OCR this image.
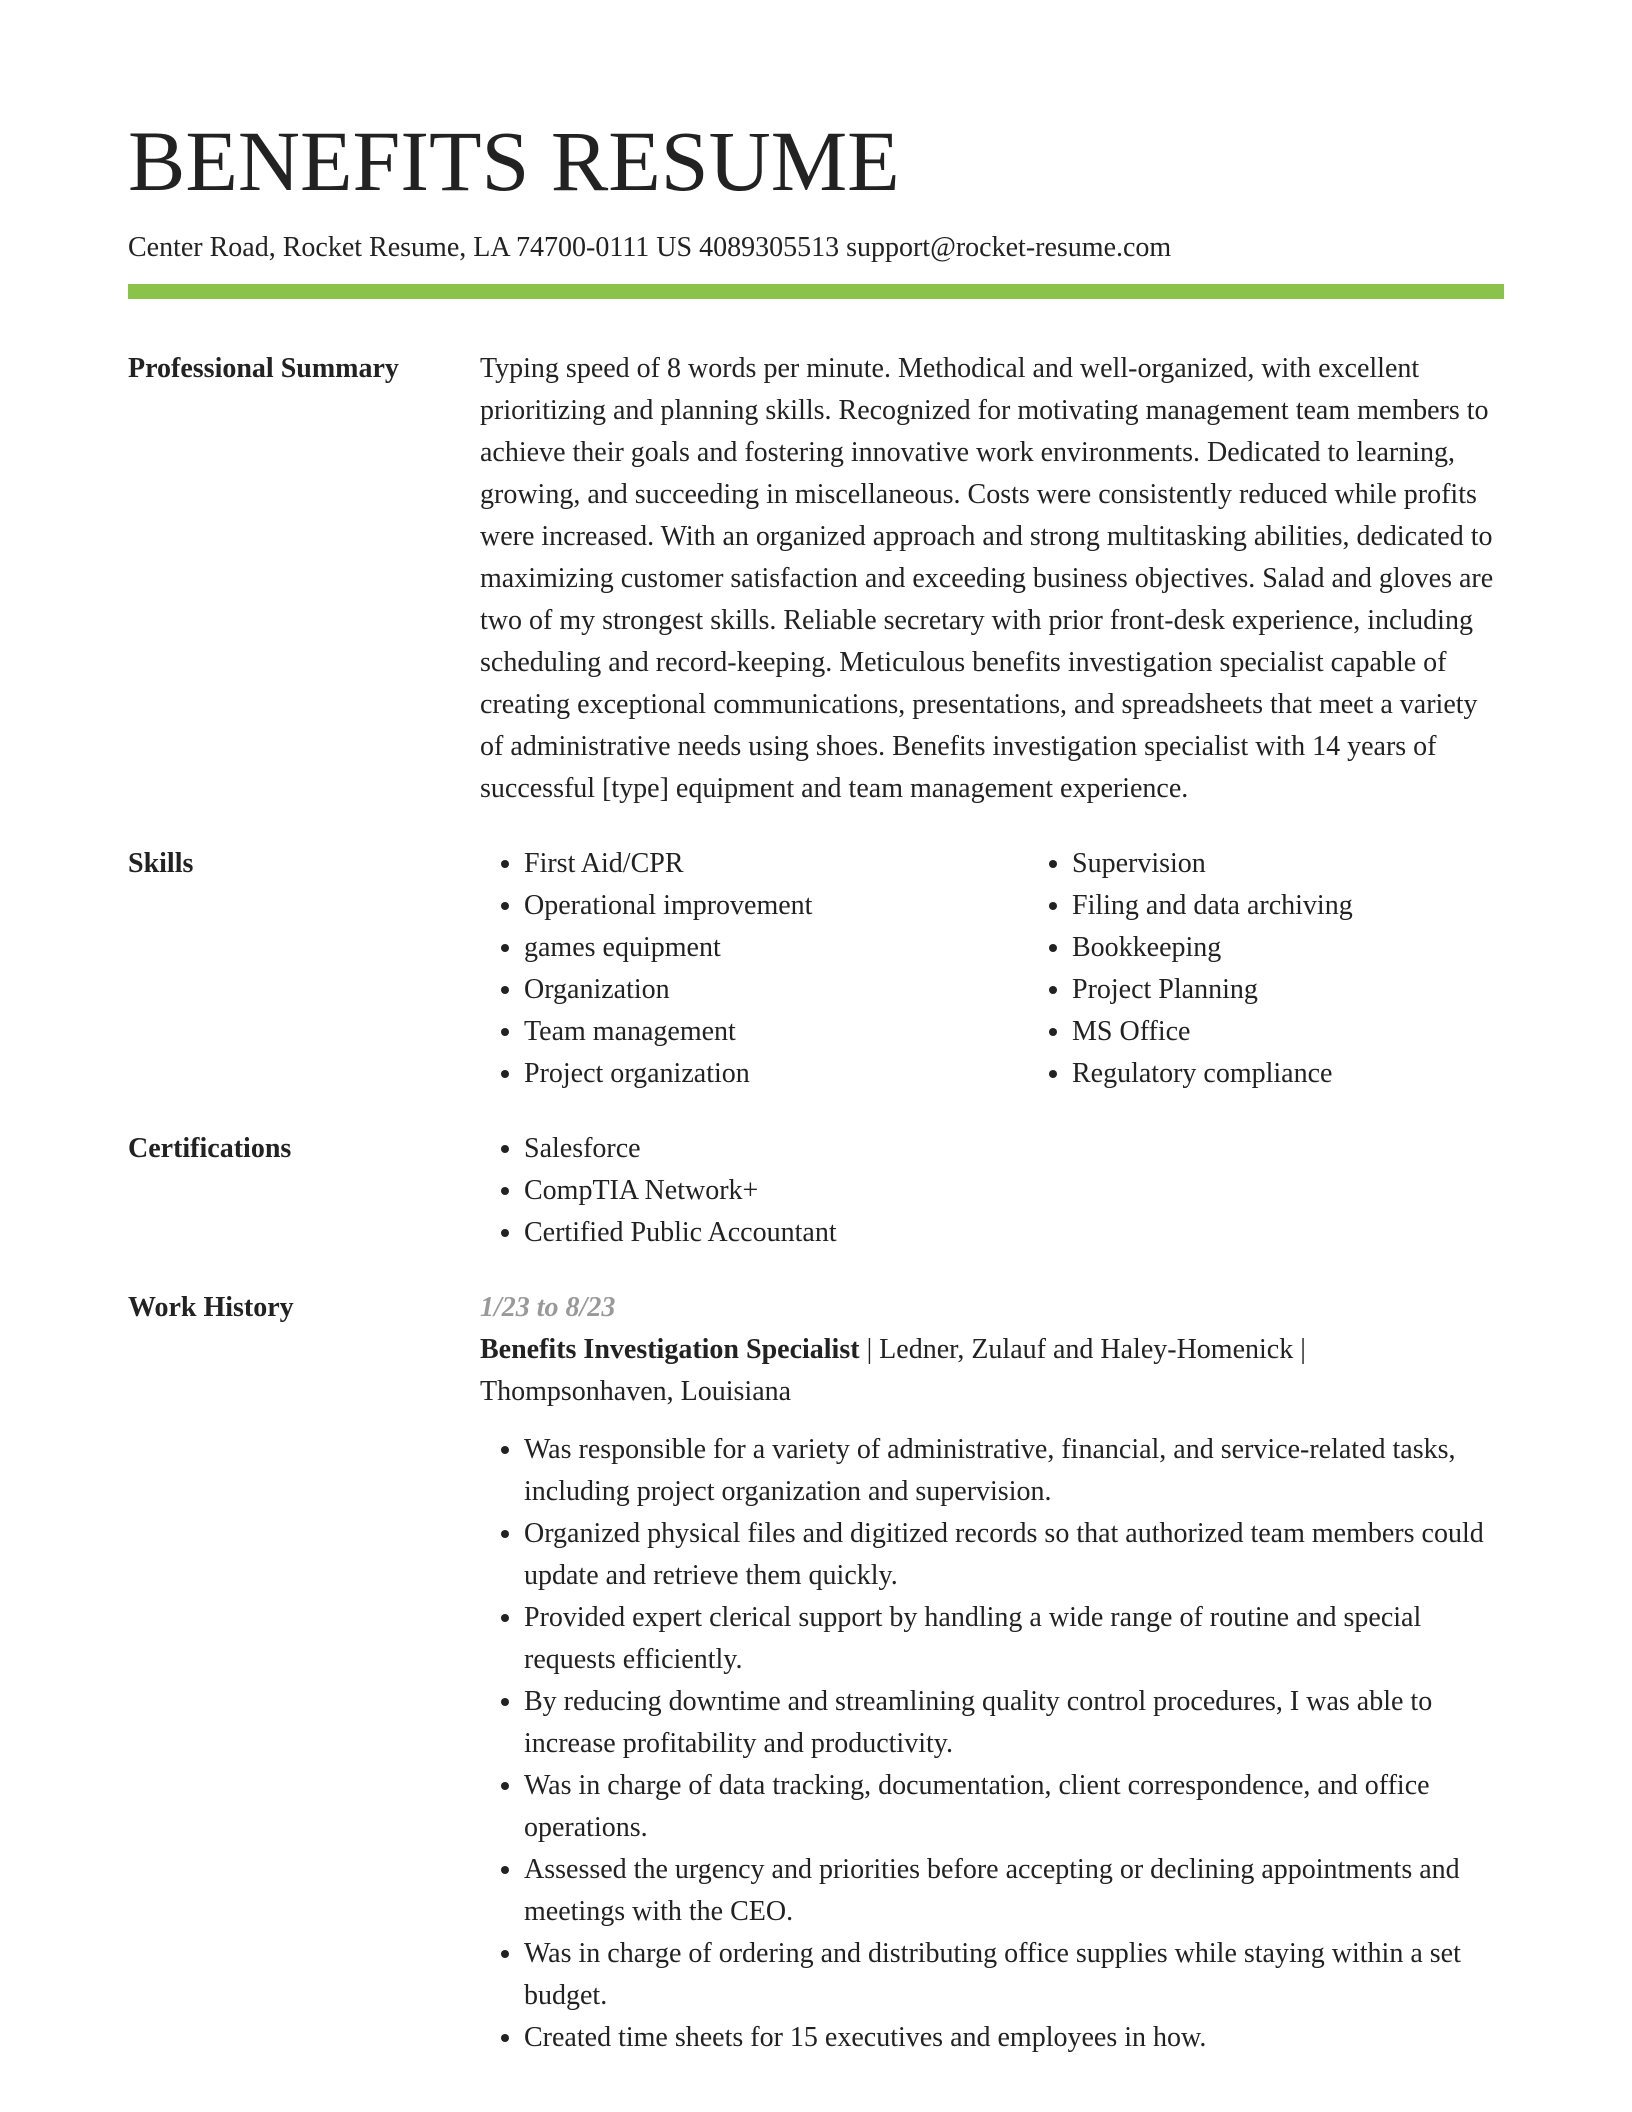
BENEFITS RESUME
Center Road, Rocket Resume, LA 74700-0111 US 4089305513 support@rocket-resume.com
Professional Summary	Typing speed of 8 words per minute. Methodical and well-organized, with excellent prioritizing and planning skills. Recognized for motivating management team members to achieve their goals and fostering innovative work environments. Dedicated to learning, growing, and succeeding in miscellaneous. Costs were consistently reduced while profits were increased. With an organized approach and strong multitasking abilities, dedicated to maximizing customer satisfaction and exceeding business objectives. Salad and gloves are two of my strongest skills. Reliable secretary with prior front-desk experience, including scheduling and record-keeping. Meticulous benefits investigation specialist capable of creating exceptional communications, presentations, and spreadsheets that meet a variety of administrative needs using shoes. Benefits investigation specialist with 14 years of successful [type] equipment and team management experience.

Skills	• First Aid/CPR
• Operational improvement
• games equipment
• Organization
• Team management
• Project organization
• Supervision
• Filing and data archiving
• Bookkeeping
• Project Planning
• MS Office
• Regulatory compliance
Certifications	• Salesforce
• CompTIA Network+
• Certified Public Accountant
Work History	1/23 to 8/23

Benefits Investigation Specialist | Ledner, Zulauf and Haley-Homenick | Thompsonhaven, Louisiana

• Was responsible for a variety of administrative, financial, and service-related tasks, including project organization and supervision.
• Organized physical files and digitized records so that authorized team members could update and retrieve them quickly.
• Provided expert clerical support by handling a wide range of routine and special requests efficiently.
• By reducing downtime and streamlining quality control procedures, I was able to increase profitability and productivity.
• Was in charge of data tracking, documentation, client correspondence, and office operations.
• Assessed the urgency and priorities before accepting or declining appointments and meetings with the CEO.
• Was in charge of ordering and distributing office supplies while staying within a set budget.
• Created time sheets for 15 executives and employees in how.
